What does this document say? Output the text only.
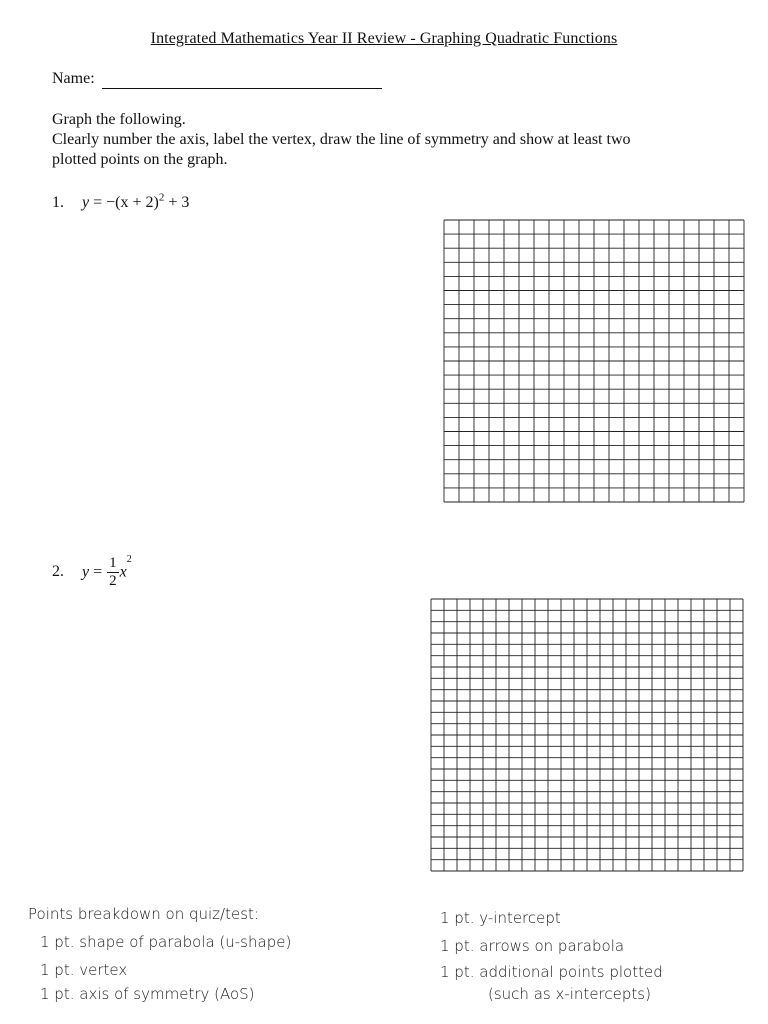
Integrated Mathematics Year II Review - Graphing Quadratic Functions
Name:
Graph the following.
Clearly number the axis, label the vertex, draw the line of symmetry and show at least two
plotted points on the graph.
1. $y = -(x + 2)^2 + 3$
2. $y = \frac{1}{2} x^2$
Points breakdown on quiz/test:
1 pt. shape of parabola (u-shape)
1 pt. vertex
1 pt. axis of symmetry (AoS)
1 pt. y-intercept
1 pt. arrows on parabola
1 pt. additional points plotted
(such as x-intercepts)
